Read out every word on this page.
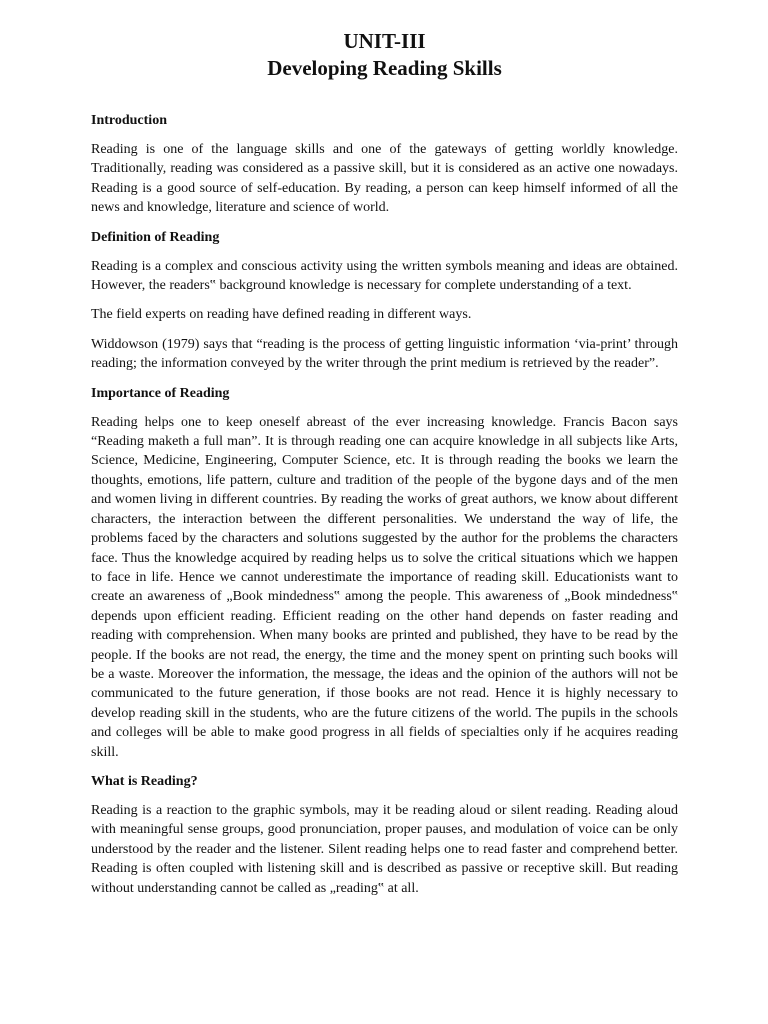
UNIT-III
Developing Reading Skills
Introduction

Reading is one of the language skills and one of the gateways of getting worldly knowledge. Traditionally, reading was considered as a passive skill, but it is considered as an active one nowadays. Reading is a good source of self-education. By reading, a person can keep himself informed of all the news and knowledge, literature and science of world.

Definition of Reading

Reading is a complex and conscious activity using the written symbols meaning and ideas are obtained. However, the readers‟ background knowledge is necessary for complete understanding of a text.

The field experts on reading have defined reading in different ways.

Widdowson (1979) says that “reading is the process of getting linguistic information ‘via-print’ through reading; the information conveyed by the writer through the print medium is retrieved by the reader”.

Importance of Reading

Reading helps one to keep oneself abreast of the ever increasing knowledge. Francis Bacon says “Reading maketh a full man”. It is through reading one can acquire knowledge in all subjects like Arts, Science, Medicine, Engineering, Computer Science, etc. It is through reading the books we learn the thoughts, emotions, life pattern, culture and tradition of the people of the bygone days and of the men and women living in different countries. By reading the works of great authors, we know about different characters, the interaction between the different personalities. We understand the way of life, the problems faced by the characters and solutions suggested by the author for the problems the characters face. Thus the knowledge acquired by reading helps us to solve the critical situations which we happen to face in life. Hence we cannot underestimate the importance of reading skill. Educationists want to create an awareness of „Book mindedness‟ among the people. This awareness of „Book mindedness‟ depends upon efficient reading. Efficient reading on the other hand depends on faster reading and reading with comprehension. When many books are printed and published, they have to be read by the people. If the books are not read, the energy, the time and the money spent on printing such books will be a waste. Moreover the information, the message, the ideas and the opinion of the authors will not be communicated to the future generation, if those books are not read. Hence it is highly necessary to develop reading skill in the students, who are the future citizens of the world. The pupils in the schools and colleges will be able to make good progress in all fields of specialties only if he acquires reading skill.

What is Reading?

Reading is a reaction to the graphic symbols, may it be reading aloud or silent reading. Reading aloud with meaningful sense groups, good pronunciation, proper pauses, and modulation of voice can be only understood by the reader and the listener. Silent reading helps one to read faster and comprehend better. Reading is often coupled with listening skill and is described as passive or receptive skill. But reading without understanding cannot be called as „reading‟ at all.
